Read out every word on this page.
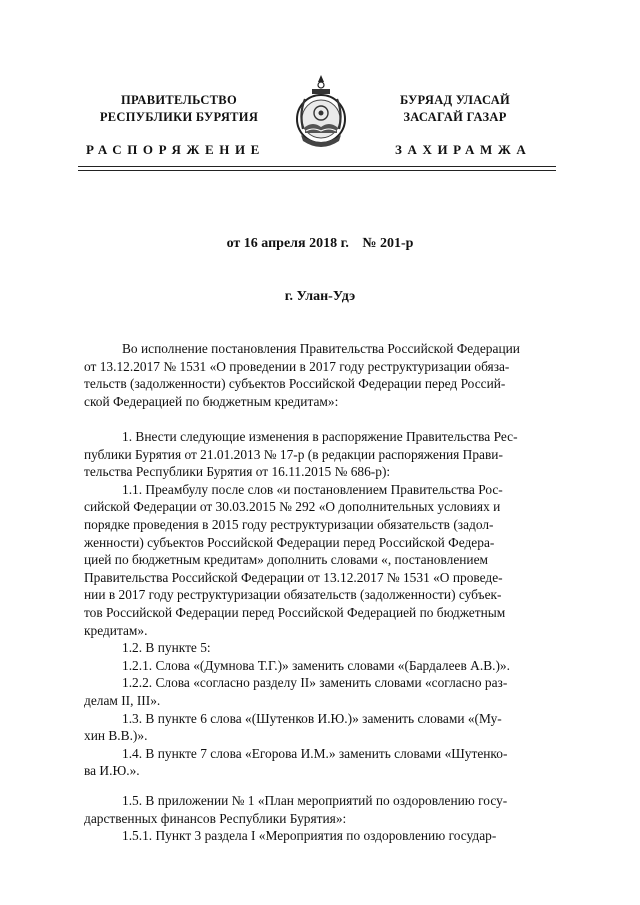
ПРАВИТЕЛЬСТВО
РЕСПУБЛИКИ БУРЯТИЯ
БУРЯАД УЛАСАЙ
ЗАСАГАЙ ГАЗАР
РАСПОРЯЖЕНИЕ	ЗАХИРАМЖА
от 16 апреля 2018 г. № 201-р
г. Улан-Удэ

Во исполнение постановления Правительства Российской Федерации

от 13.12.2017 № 1531 «О проведении в 2017 году реструктуризации обяза-

тельств (задолженности) субъектов Российской Федерации перед Россий-

ской Федерацией по бюджетным кредитам»:

1. Внести следующие изменения в распоряжение Правительства Рес-

публики Бурятия от 21.01.2013 № 17-р (в редакции распоряжения Прави-

тельства Республики Бурятия от 16.11.2015 № 686-р):

1.1. Преамбулу после слов «и постановлением Правительства Рос-

сийской Федерации от 30.03.2015 № 292 «О дополнительных условиях и

порядке проведения в 2015 году реструктуризации обязательств (задол-

женности) субъектов Российской Федерации перед Российской Федера-

цией по бюджетным кредитам» дополнить словами «, постановлением

Правительства Российской Федерации от 13.12.2017 № 1531 «О проведе-

нии в 2017 году реструктуризации обязательств (задолженности) субъек-

тов Российской Федерации перед Российской Федерацией по бюджетным

кредитам».

1.2. В пункте 5:

1.2.1. Слова «(Думнова Т.Г.)» заменить словами «(Бардалеев А.В.)».

1.2.2. Слова «согласно разделу II» заменить словами «согласно раз-

делам II, III».

1.3. В пункте 6 слова «(Шутенков И.Ю.)» заменить словами «(Му-

хин В.В.)».

1.4. В пункте 7 слова «Егорова И.М.» заменить словами «Шутенко-

ва И.Ю.».

1.5. В приложении № 1 «План мероприятий по оздоровлению госу-

дарственных финансов Республики Бурятия»:

1.5.1. Пункт 3 раздела I «Мероприятия по оздоровлению государ-
